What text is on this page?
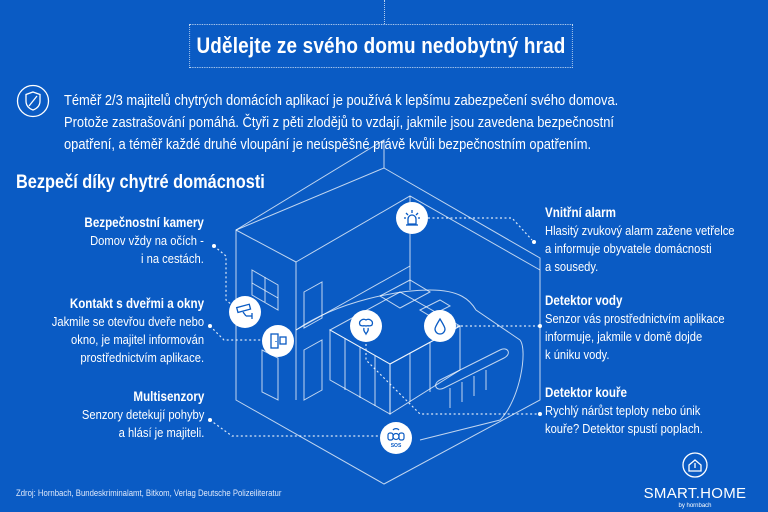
Udělejte ze svého domu nedobytný hrad
Téměř 2/3 majitelů chytrých domácích aplikací je používá k lepšímu zabezpečení svého domova.
Protože zastrašování pomáhá. Čtyři z pěti zlodějů to vzdají, jakmile jsou zavedena bezpečnostní
opatření, a téměř každé druhé vloupání je neúspěšné právě kvůli bezpečnostním opatřením.
Bezpečí díky chytré domácnosti
SOS
Bezpečnostní kamery
Domov vždy na očích -
i na cestách.
Kontakt s dveřmi a okny
Jakmile se otevřou dveře nebo
okno, je majitel informován
prostřednictvím aplikace.
Multisenzory
Senzory detekují pohyby
a hlásí je majiteli.
Vnitřní alarm
Hlasitý zvukový alarm zažene vetřelce
a informuje obyvatele domácnosti
a sousedy.
Detektor vody
Senzor vás prostřednictvím aplikace
informuje, jakmile v domě dojde
k úniku vody.
Detektor kouře
Rychlý nárůst teploty nebo únik
kouře? Detektor spustí poplach.
Zdroj: Hornbach, Bundeskriminalamt, Bitkom, Verlag Deutsche Polizeiliteratur	SMART.HOME
by hornbach
